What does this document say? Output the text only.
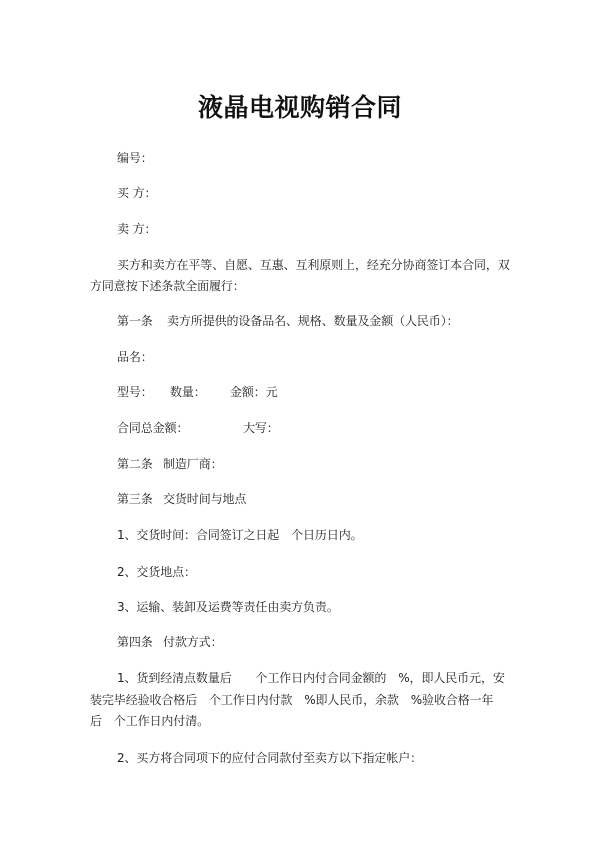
液晶电视购销合同
编号：
买 方：
卖 方：
买方和卖方在平等、自愿、互惠、互利原则上，经充分协商签订本合同，双
方同意按下述条款全面履行：
第一条 卖方所提供的设备品名、规格、数量及金额（人民币）：
品名：
型号： 数量： 金额：元
合同总金额：	大写：
第二条 制造厂商：
第三条 交货时间与地点
1、交货时间：合同签订之日起　个日历日内。
2、交货地点：
3、运输、装卸及运费等责任由卖方负责。
第四条 付款方式：
1、货到经清点数量后　　个工作日内付合同金额的　%，即人民币元，安
装完毕经验收合格后　个工作日内付款　%即人民币，余款　%验收合格一年
后　个工作日内付清。
2、买方将合同项下的应付合同款付至卖方以下指定帐户：
